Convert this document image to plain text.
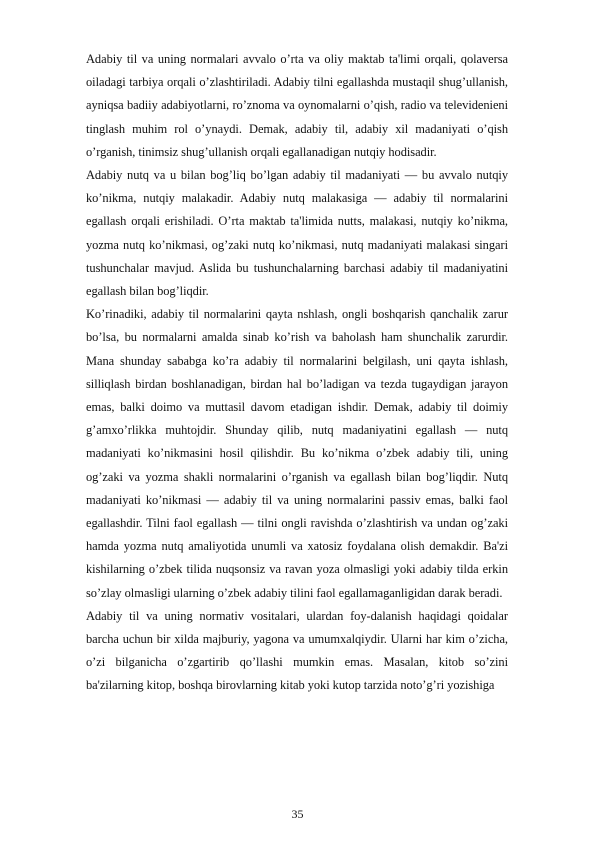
Adabiy til va uning normalari avvalo o’rta va oliy maktab ta'limi orqali, qolaversa oiladagi tarbiya orqali o’zlashtiriladi. Adabiy tilni egallashda mustaqil shug’ullanish, ayniqsa badiiy adabiyotlarni, ro’znoma va oynomalarni o’qish, radio va televidenieni tinglash muhim rol o’ynaydi. Demak, adabiy til, adabiy xil madaniyati o’qish o’rganish, tinimsiz shug’ullanish orqali egallanadigan nutqiy hodisadir.

Adabiy nutq va u bilan bog’liq bo’lgan adabiy til madaniyati — bu avvalo nutqiy ko’nikma, nutqiy malakadir. Adabiy nutq malakasiga — adabiy til normalarini egallash orqali erishiladi. O’rta maktab ta'limida nutts, malakasi, nutqiy ko’nikma, yozma nutq ko’nikmasi, og’zaki nutq ko’nikmasi, nutq madaniyati malakasi singari tushunchalar mavjud. Aslida bu tushunchalarning barchasi adabiy til madaniyatini egallash bilan bog’liqdir.

Ko’rinadiki, adabiy til normalarini qayta nshlash, ongli boshqarish qanchalik zarur bo’lsa, bu normalarni amalda sinab ko’rish va baholash ham shunchalik zarurdir. Mana shunday sababga ko’ra adabiy til normalarini belgilash, uni qayta ishlash, silliqlash birdan boshlanadigan, birdan hal bo’ladigan va tezda tugaydigan jarayon emas, balki doimo va muttasil davom etadigan ishdir. Demak, adabiy til doimiy g’amxo’rlikka muhtojdir. Shunday qilib, nutq madaniyatini egallash — nutq madaniyati ko’nikmasini hosil qilishdir. Bu ko’nikma o’zbek adabiy tili, uning og’zaki va yozma shakli normalarini o’rganish va egallash bilan bog’liqdir. Nutq madaniyati ko’nikmasi — adabiy til va uning normalarini passiv emas, balki faol egallashdir. Tilni faol egallash — tilni ongli ravishda o’zlashtirish va undan og’zaki hamda yozma nutq amaliyotida unumli va xatosiz foydalana olish demakdir. Ba'zi kishilarning o’zbek tilida nuqsonsiz va ravan yoza olmasligi yoki adabiy tilda erkin so’zlay olmasligi ularning o’zbek adabiy tilini faol egallamaganligidan darak beradi.

Adabiy til va uning normativ vositalari, ulardan foy-dalanish haqidagi qoidalar barcha uchun bir xilda majburiy, yagona va umumxalqiydir. Ularni har kim o’zicha, o’zi bilganicha o’zgartirib qo’llashi mumkin emas. Masalan, kitob so’zini ba'zilarning kitop, boshqa birovlarning kitab yoki kutop tarzida noto’g’ri yozishiga

35
